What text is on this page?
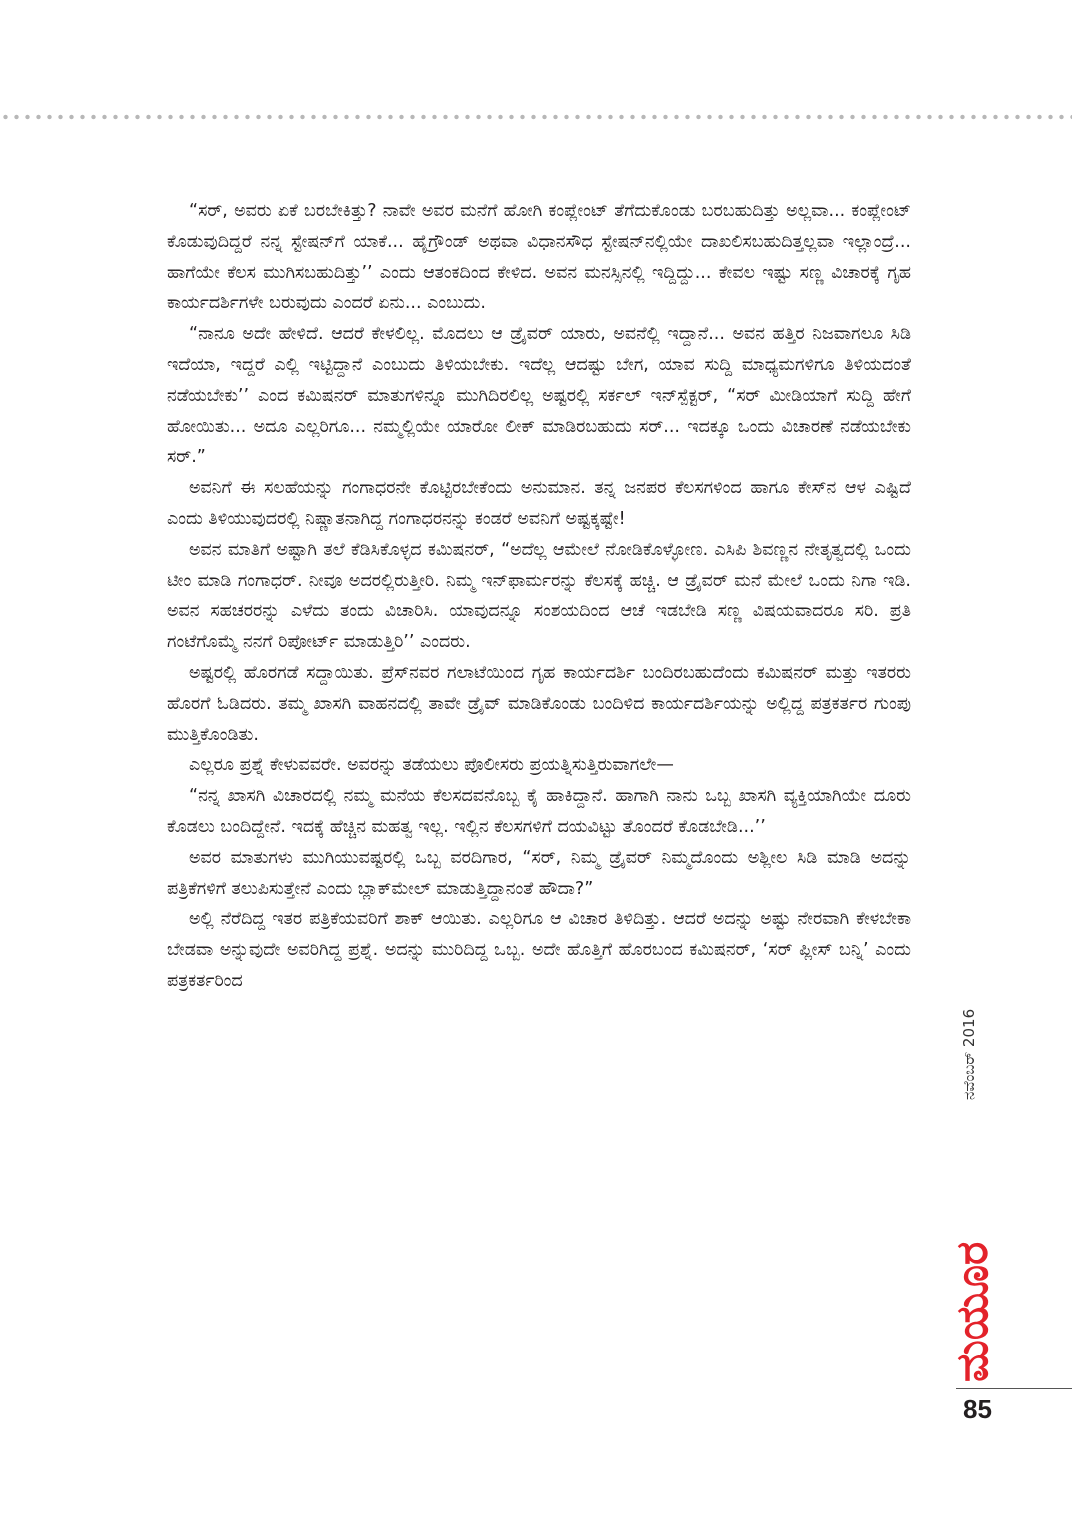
“ಸರ್, ಅವರು ಏಕೆ ಬರಬೇಕಿತ್ತು? ನಾವೇ ಅವರ ಮನೆಗೆ ಹೋಗಿ ಕಂಪ್ಲೇಂಟ್ ತೆಗೆದುಕೊಂಡು ಬರಬಹುದಿತ್ತು ಅಲ್ಲವಾ... ಕಂಪ್ಲೇಂಟ್ ಕೊಡುವುದಿದ್ದರೆ ನನ್ನ ಸ್ಟೇಷನ್‌ಗೆ ಯಾಕೆ... ಹೈಗ್ರೌಂಡ್ ಅಥವಾ ವಿಧಾನಸೌಧ ಸ್ಟೇಷನ್‌ನಲ್ಲಿಯೇ ದಾಖಲಿಸಬಹುದಿತ್ತಲ್ಲವಾ ಇಲ್ಲಾಂದ್ರೆ... ಹಾಗೆಯೇ ಕೆಲಸ ಮುಗಿಸಬಹುದಿತ್ತು’’ ಎಂದು ಆತಂಕದಿಂದ ಕೇಳಿದ. ಅವನ ಮನಸ್ಸಿನಲ್ಲಿ ಇದ್ದಿದ್ದು... ಕೇವಲ ಇಷ್ಟು ಸಣ್ಣ ವಿಚಾರಕ್ಕೆ ಗೃಹ ಕಾರ್ಯದರ್ಶಿಗಳೇ ಬರುವುದು ಎಂದರೆ ಏನು... ಎಂಬುದು.

“ನಾನೂ ಅದೇ ಹೇಳಿದೆ. ಆದರೆ ಕೇಳಲಿಲ್ಲ. ಮೊದಲು ಆ ಡ್ರೈವರ್ ಯಾರು, ಅವನೆಲ್ಲಿ ಇದ್ದಾನೆ... ಅವನ ಹತ್ತಿರ ನಿಜವಾಗಲೂ ಸಿಡಿ ಇದೆಯಾ, ಇದ್ದರೆ ಎಲ್ಲಿ ಇಟ್ಟಿದ್ದಾನೆ ಎಂಬುದು ತಿಳಿಯಬೇಕು. ಇದೆಲ್ಲ ಆದಷ್ಟು ಬೇಗ, ಯಾವ ಸುದ್ದಿ ಮಾಧ್ಯಮಗಳಿಗೂ ತಿಳಿಯದಂತೆ ನಡೆಯಬೇಕು’’ ಎಂದ ಕಮಿಷನರ್ ಮಾತುಗಳಿನ್ನೂ ಮುಗಿದಿರಲಿಲ್ಲ ಅಷ್ಟರಲ್ಲಿ ಸರ್ಕಲ್ ಇನ್‌ಸ್ಪೆಕ್ಟರ್, “ಸರ್ ಮೀಡಿಯಾಗೆ ಸುದ್ದಿ ಹೇಗೆ ಹೋಯಿತು... ಅದೂ ಎಲ್ಲರಿಗೂ... ನಮ್ಮಲ್ಲಿಯೇ ಯಾರೋ ಲೀಕ್ ಮಾಡಿರಬಹುದು ಸರ್... ಇದಕ್ಕೂ ಒಂದು ವಿಚಾರಣೆ ನಡೆಯಬೇಕು ಸರ್.”

ಅವನಿಗೆ ಈ ಸಲಹೆಯನ್ನು ಗಂಗಾಧರನೇ ಕೊಟ್ಟಿರಬೇಕೆಂದು ಅನುಮಾನ. ತನ್ನ ಜನಪರ ಕೆಲಸಗಳಿಂದ ಹಾಗೂ ಕೇಸ್‌ನ ಆಳ ಎಷ್ಟಿದೆ ಎಂದು ತಿಳಿಯುವುದರಲ್ಲಿ ನಿಷ್ಣಾತನಾಗಿದ್ದ ಗಂಗಾಧರನನ್ನು ಕಂಡರೆ ಅವನಿಗೆ ಅಷ್ಟಕ್ಕಷ್ಟೇ!

ಅವನ ಮಾತಿಗೆ ಅಷ್ಟಾಗಿ ತಲೆ ಕೆಡಿಸಿಕೊಳ್ಳದ ಕಮಿಷನರ್, “ಅದೆಲ್ಲ ಆಮೇಲೆ ನೋಡಿಕೊಳ್ಳೋಣ. ಎಸಿಪಿ ಶಿವಣ್ಣನ ನೇತೃತ್ವದಲ್ಲಿ ಒಂದು ಟೀಂ ಮಾಡಿ ಗಂಗಾಧರ್. ನೀವೂ ಅದರಲ್ಲಿರುತ್ತೀರಿ. ನಿಮ್ಮ ಇನ್‌ಫಾರ್ಮರನ್ನು ಕೆಲಸಕ್ಕೆ ಹಚ್ಚಿ. ಆ ಡ್ರೈವರ್ ಮನೆ ಮೇಲೆ ಒಂದು ನಿಗಾ ಇಡಿ. ಅವನ ಸಹಚರರನ್ನು ಎಳೆದು ತಂದು ವಿಚಾರಿಸಿ. ಯಾವುದನ್ನೂ ಸಂಶಯದಿಂದ ಆಚೆ ಇಡಬೇಡಿ ಸಣ್ಣ ವಿಷಯವಾದರೂ ಸರಿ. ಪ್ರತಿ ಗಂಟೆಗೊಮ್ಮೆ ನನಗೆ ರಿಪೋರ್ಟ್ ಮಾಡುತ್ತಿರಿ’’ ಎಂದರು.

ಅಷ್ಟರಲ್ಲಿ ಹೊರಗಡೆ ಸದ್ದಾಯಿತು. ಪ್ರೆಸ್‌ನವರ ಗಲಾಟೆಯಿಂದ ಗೃಹ ಕಾರ್ಯದರ್ಶಿ ಬಂದಿರಬಹುದೆಂದು ಕಮಿಷನರ್ ಮತ್ತು ಇತರರು ಹೊರಗೆ ಓಡಿದರು. ತಮ್ಮ ಖಾಸಗಿ ವಾಹನದಲ್ಲಿ ತಾವೇ ಡ್ರೈವ್ ಮಾಡಿಕೊಂಡು ಬಂದಿಳಿದ ಕಾರ್ಯದರ್ಶಿಯನ್ನು ಅಲ್ಲಿದ್ದ ಪತ್ರಕರ್ತರ ಗುಂಪು ಮುತ್ತಿಕೊಂಡಿತು.

ಎಲ್ಲರೂ ಪ್ರಶ್ನೆ ಕೇಳುವವರೇ. ಅವರನ್ನು ತಡೆಯಲು ಪೊಲೀಸರು ಪ್ರಯತ್ನಿಸುತ್ತಿರುವಾಗಲೇ—

“ನನ್ನ ಖಾಸಗಿ ವಿಚಾರದಲ್ಲಿ ನಮ್ಮ ಮನೆಯ ಕೆಲಸದವನೊಬ್ಬ ಕೈ ಹಾಕಿದ್ದಾನೆ. ಹಾಗಾಗಿ ನಾನು ಒಬ್ಬ ಖಾಸಗಿ ವ್ಯಕ್ತಿಯಾಗಿಯೇ ದೂರು ಕೊಡಲು ಬಂದಿದ್ದೇನೆ. ಇದಕ್ಕೆ ಹೆಚ್ಚಿನ ಮಹತ್ವ ಇಲ್ಲ. ಇಲ್ಲಿನ ಕೆಲಸಗಳಿಗೆ ದಯವಿಟ್ಟು ತೊಂದರೆ ಕೊಡಬೇಡಿ...’’

ಅವರ ಮಾತುಗಳು ಮುಗಿಯುವಷ್ಟರಲ್ಲಿ ಒಬ್ಬ ವರದಿಗಾರ, “ಸರ್, ನಿಮ್ಮ ಡ್ರೈವರ್ ನಿಮ್ಮದೊಂದು ಅಶ್ಲೀಲ ಸಿಡಿ ಮಾಡಿ ಅದನ್ನು ಪತ್ರಿಕೆಗಳಿಗೆ ತಲುಪಿಸುತ್ತೇನೆ ಎಂದು ಬ್ಲಾಕ್‌ಮೇಲ್ ಮಾಡುತ್ತಿದ್ದಾನಂತೆ ಹೌದಾ?”

ಅಲ್ಲಿ ನೆರೆದಿದ್ದ ಇತರ ಪತ್ರಿಕೆಯವರಿಗೆ ಶಾಕ್ ಆಯಿತು. ಎಲ್ಲರಿಗೂ ಆ ವಿಚಾರ ತಿಳಿದಿತ್ತು. ಆದರೆ ಅದನ್ನು ಅಷ್ಟು ನೇರವಾಗಿ ಕೇಳಬೇಕಾ ಬೇಡವಾ ಅನ್ನುವುದೇ ಅವರಿಗಿದ್ದ ಪ್ರಶ್ನೆ. ಅದನ್ನು ಮುರಿದಿದ್ದ ಒಬ್ಬ. ಅದೇ ಹೊತ್ತಿಗೆ ಹೊರಬಂದ ಕಮಿಷನರ್, ‘ಸರ್ ಪ್ಲೀಸ್ ಬನ್ನಿ’ ಎಂದು ಪತ್ರಕರ್ತರಿಂದ

ನವೆಂಬರ್ 2016
ಮಯೂರ
85
